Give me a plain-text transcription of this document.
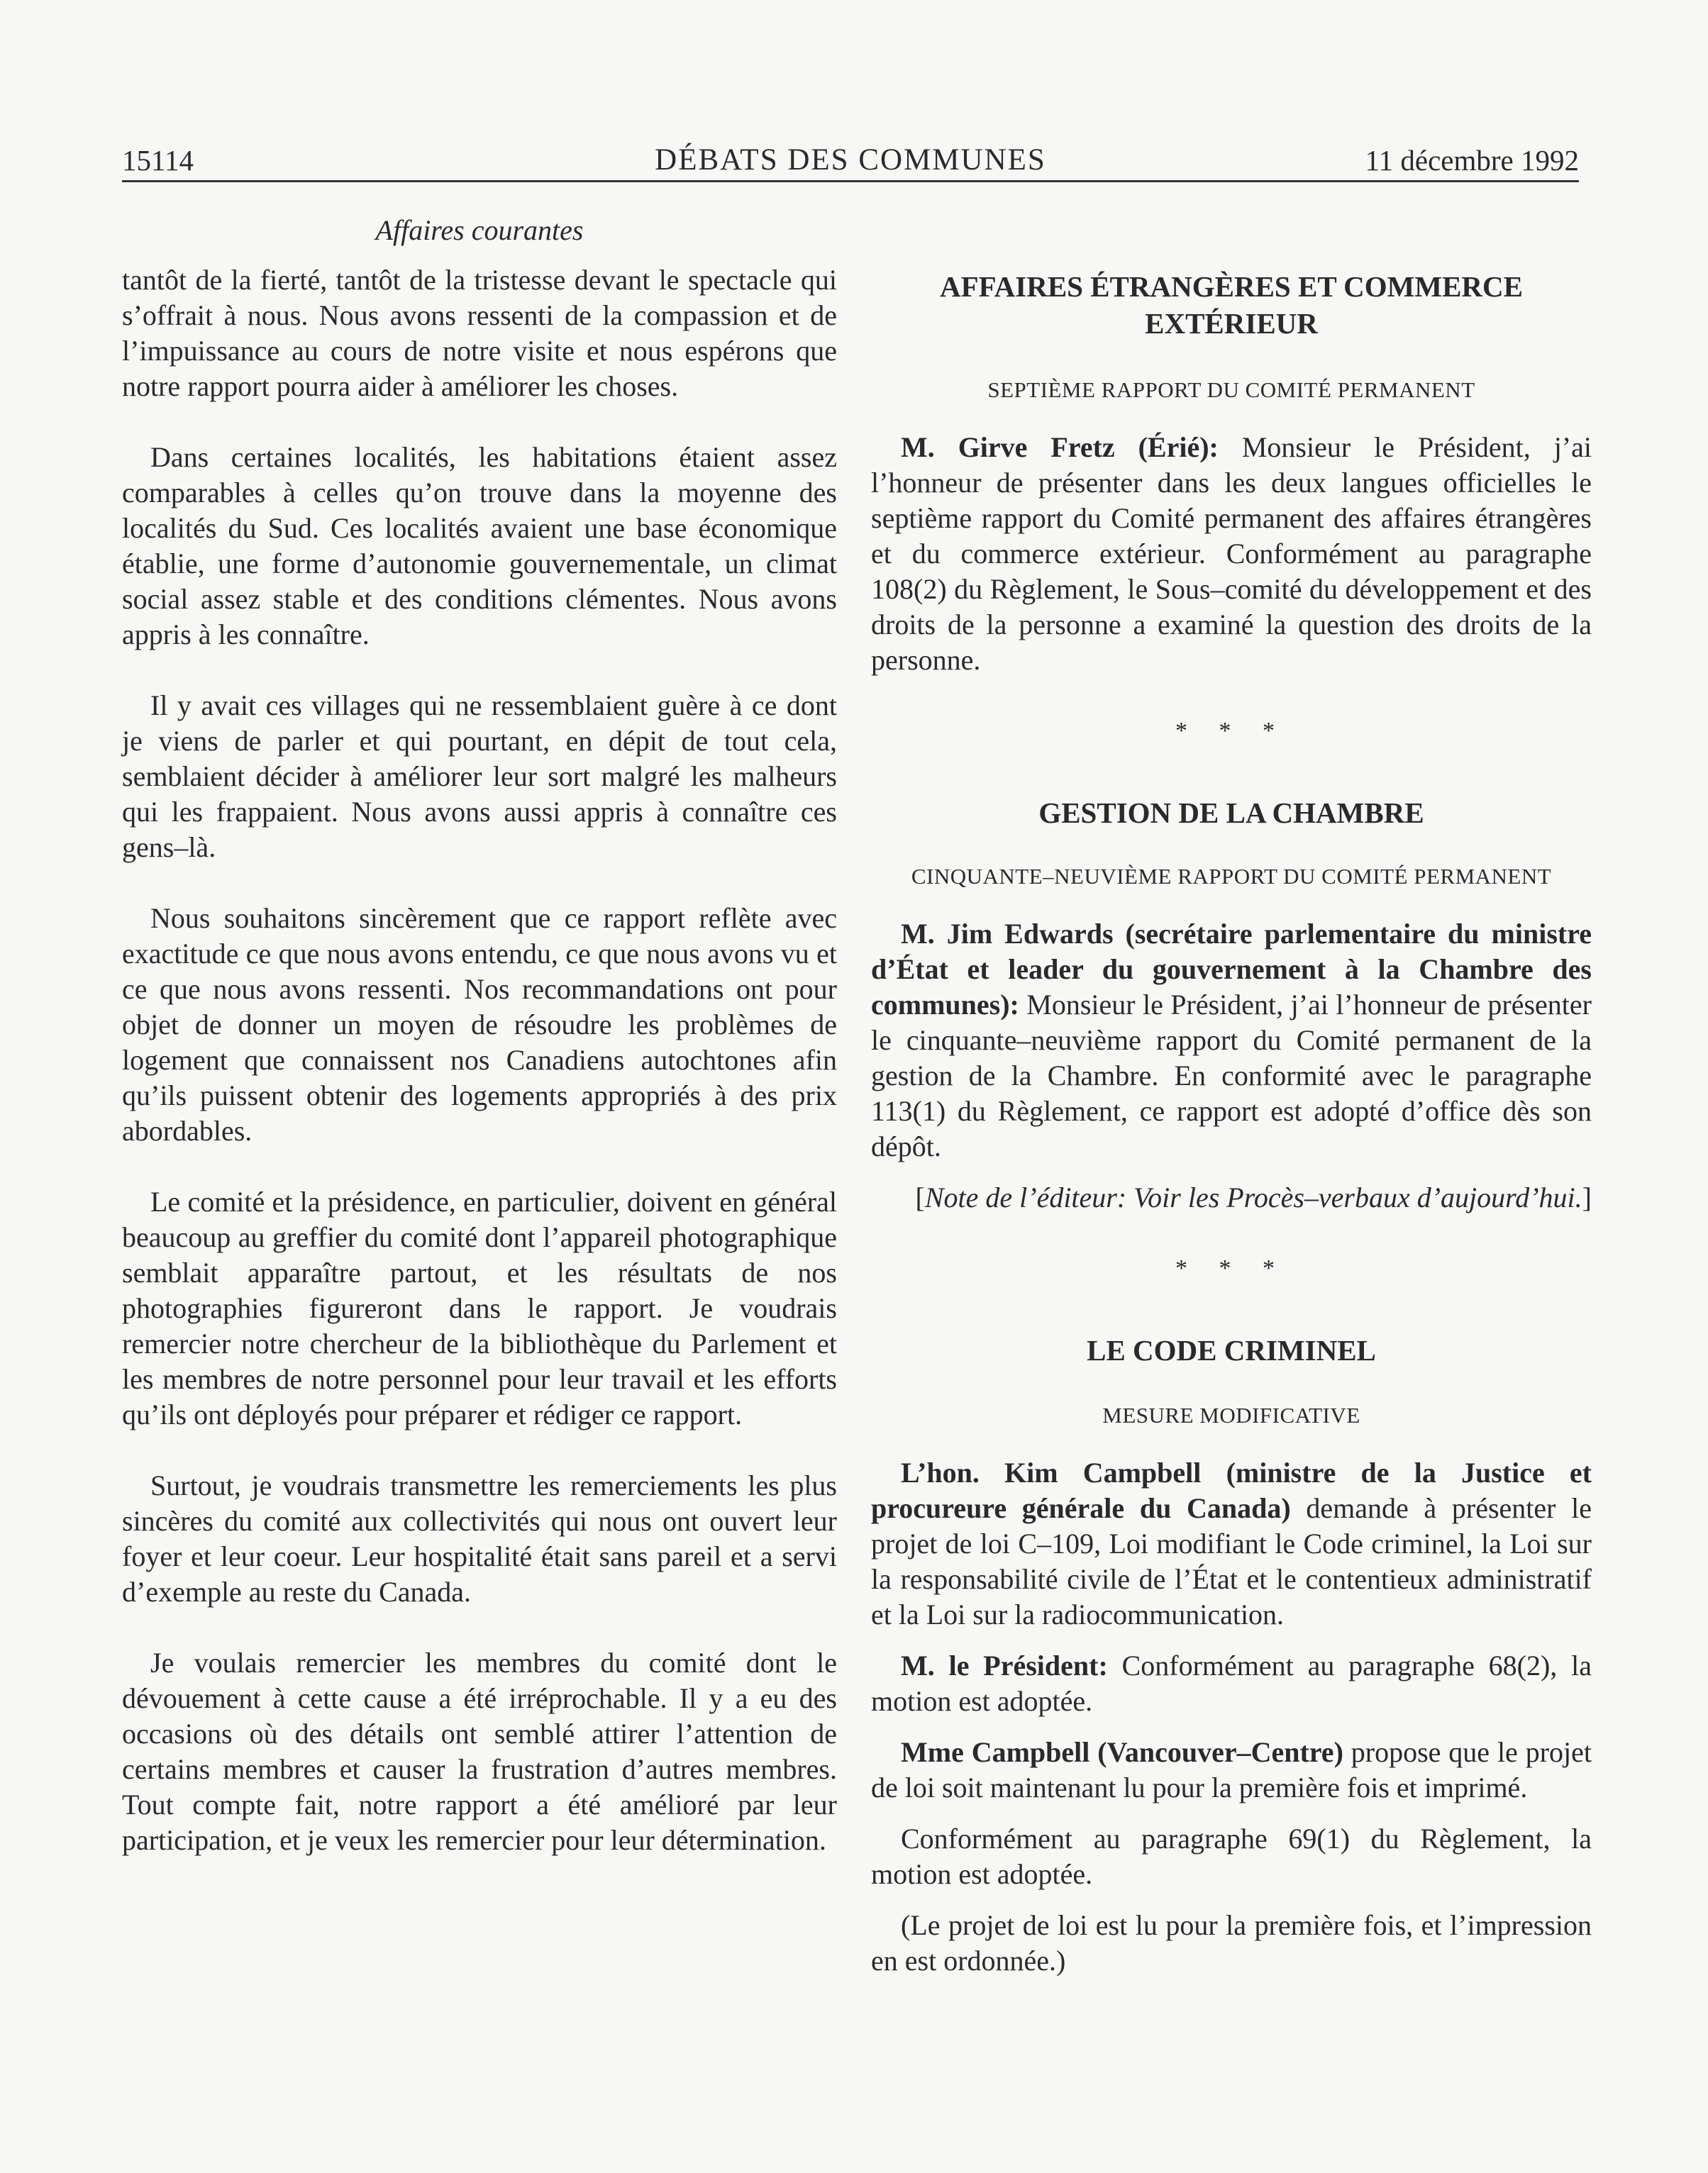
15114	DÉBATS DES COMMUNES	11 décembre 1992

Affaires courantes

tantôt de la fierté, tantôt de la tristesse devant le spectacle qui s’offrait à nous. Nous avons ressenti de la compassion et de l’impuissance au cours de notre visite et nous espérons que notre rapport pourra aider à améliorer les choses.

Dans certaines localités, les habitations étaient assez comparables à celles qu’on trouve dans la moyenne des localités du Sud. Ces localités avaient une base économique établie, une forme d’autonomie gouvernementale, un climat social assez stable et des conditions clémentes. Nous avons appris à les connaître.

Il y avait ces villages qui ne ressemblaient guère à ce dont je viens de parler et qui pourtant, en dépit de tout cela, semblaient décider à améliorer leur sort malgré les malheurs qui les frappaient. Nous avons aussi appris à connaître ces gens–là.

Nous souhaitons sincèrement que ce rapport reflète avec exactitude ce que nous avons entendu, ce que nous avons vu et ce que nous avons ressenti. Nos recommandations ont pour objet de donner un moyen de résoudre les problèmes de logement que connaissent nos Canadiens autochtones afin qu’ils puissent obtenir des logements appropriés à des prix abordables.

Le comité et la présidence, en particulier, doivent en général beaucoup au greffier du comité dont l’appareil photographique semblait apparaître partout, et les résultats de nos photographies figureront dans le rapport. Je voudrais remercier notre chercheur de la bibliothèque du Parlement et les membres de notre personnel pour leur travail et les efforts qu’ils ont déployés pour préparer et rédiger ce rapport.

Surtout, je voudrais transmettre les remerciements les plus sincères du comité aux collectivités qui nous ont ouvert leur foyer et leur coeur. Leur hospitalité était sans pareil et a servi d’exemple au reste du Canada.

Je voulais remercier les membres du comité dont le dévouement à cette cause a été irréprochable. Il y a eu des occasions où des détails ont semblé attirer l’attention de certains membres et causer la frustration d’autres membres. Tout compte fait, notre rapport a été amélioré par leur participation, et je veux les remercier pour leur détermination.

AFFAIRES ÉTRANGÈRES ET COMMERCE EXTÉRIEUR

SEPTIÈME RAPPORT DU COMITÉ PERMANENT

M. Girve Fretz (Érié): Monsieur le Président, j’ai l’honneur de présenter dans les deux langues officielles le septième rapport du Comité permanent des affaires étrangères et du commerce extérieur. Conformément au paragraphe 108(2) du Règlement, le Sous–comité du développement et des droits de la personne a examiné la question des droits de la personne.

* * *

GESTION DE LA CHAMBRE

CINQUANTE–NEUVIÈME RAPPORT DU COMITÉ PERMANENT

M. Jim Edwards (secrétaire parlementaire du ministre d’État et leader du gouvernement à la Chambre des communes): Monsieur le Président, j’ai l’honneur de présenter le cinquante–neuvième rapport du Comité permanent de la gestion de la Chambre. En conformité avec le paragraphe 113(1) du Règlement, ce rapport est adopté d’office dès son dépôt.

[Note de l’éditeur: Voir les Procès–verbaux d’aujourd’hui.]

* * *

LE CODE CRIMINEL

MESURE MODIFICATIVE

L’hon. Kim Campbell (ministre de la Justice et procureure générale du Canada) demande à présenter le projet de loi C–109, Loi modifiant le Code criminel, la Loi sur la responsabilité civile de l’État et le contentieux administratif et la Loi sur la radiocommunication.

M. le Président: Conformément au paragraphe 68(2), la motion est adoptée.

Mme Campbell (Vancouver–Centre) propose que le projet de loi soit maintenant lu pour la première fois et imprimé.

Conformément au paragraphe 69(1) du Règlement, la motion est adoptée.

(Le projet de loi est lu pour la première fois, et l’impression en est ordonnée.)
